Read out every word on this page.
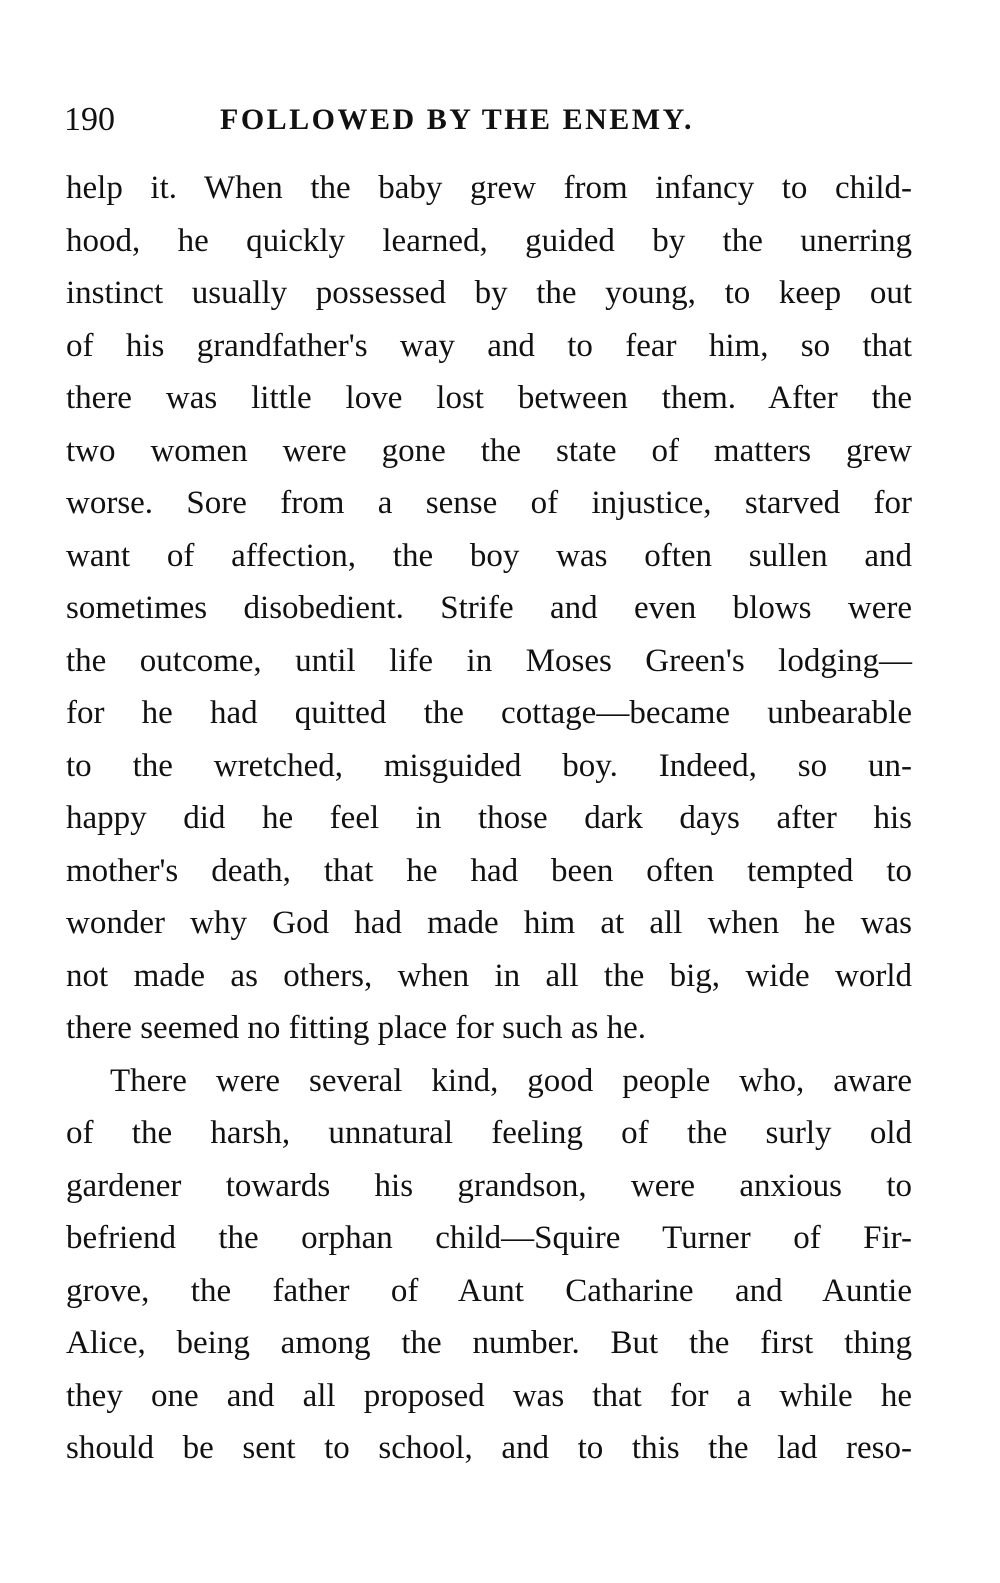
190	FOLLOWED BY THE ENEMY.
help it. When the baby grew from infancy to child-
hood, he quickly learned, guided by the unerring
instinct usually possessed by the young, to keep out
of his grandfather's way and to fear him, so that
there was little love lost between them. After the
two women were gone the state of matters grew
worse. Sore from a sense of injustice, starved for
want of affection, the boy was often sullen and
sometimes disobedient. Strife and even blows were
the outcome, until life in Moses Green's lodging—
for he had quitted the cottage—became unbearable
to the wretched, misguided boy. Indeed, so un-
happy did he feel in those dark days after his
mother's death, that he had been often tempted to
wonder why God had made him at all when he was
not made as others, when in all the big, wide world
there seemed no fitting place for such as he.
There were several kind, good people who, aware
of the harsh, unnatural feeling of the surly old
gardener towards his grandson, were anxious to
befriend the orphan child—Squire Turner of Fir-
grove, the father of Aunt Catharine and Auntie
Alice, being among the number. But the first thing
they one and all proposed was that for a while he
should be sent to school, and to this the lad reso-
